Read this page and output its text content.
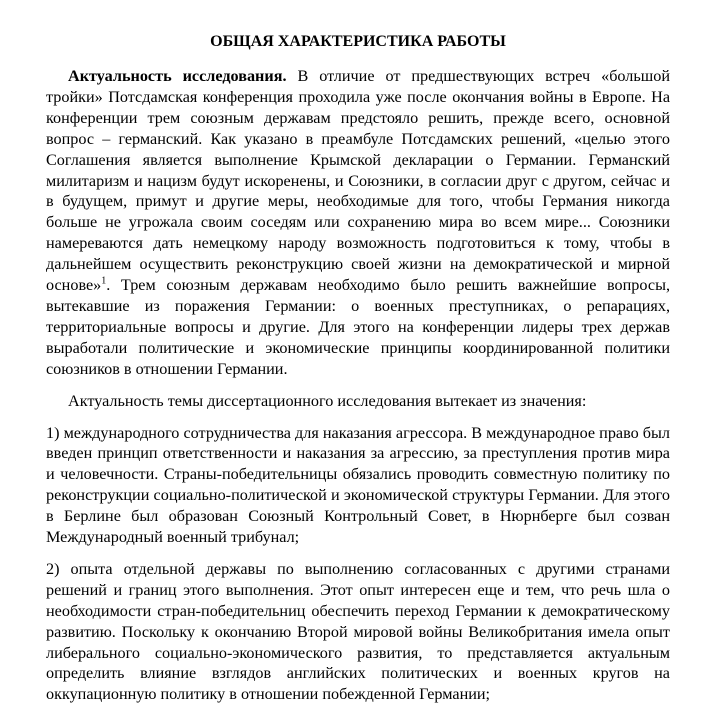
ОБЩАЯ ХАРАКТЕРИСТИКА РАБОТЫ

Актуальность исследования. В отличие от предшествующих встреч «большой тройки» Потсдамская конференция проходила уже после окончания войны в Европе. На конференции трем союзным державам предстояло решить, прежде всего, основной вопрос – германский. Как указано в преамбуле Потсдамских решений, «целью этого Соглашения является выполнение Крымской декларации о Германии. Германский милитаризм и нацизм будут искоренены, и Союзники, в согласии друг с другом, сейчас и в будущем, примут и другие меры, необходимые для того, чтобы Германия никогда больше не угрожала своим соседям или сохранению мира во всем мире... Союзники намереваются дать немецкому народу возможность подготовиться к тому, чтобы в дальнейшем осуществить реконструкцию своей жизни на демократической и мирной основе»$^1$. Трем союзным державам необходимо было решить важнейшие вопросы, вытекавшие из поражения Германии: о военных преступниках, о репарациях, территориальные вопросы и другие. Для этого на конференции лидеры трех держав выработали политические и экономические принципы координированной политики союзников в отношении Германии.

Актуальность темы диссертационного исследования вытекает из значения:

1) международного сотрудничества для наказания агрессора. В международное право был введен принцип ответственности и наказания за агрессию, за преступления против мира и человечности. Страны-победительницы обязались проводить совместную политику по реконструкции социально-политической и экономической структуры Германии. Для этого в Берлине был образован Союзный Контрольный Совет, в Нюрнберге был созван Международный военный трибунал;

2) опыта отдельной державы по выполнению согласованных с другими странами решений и границ этого выполнения. Этот опыт интересен еще и тем, что речь шла о необходимости стран-победительниц обеспечить переход Германии к демократическому развитию. Поскольку к окончанию Второй мировой войны Великобритания имела опыт либерального социально-экономического развития, то представляется актуальным определить влияние взглядов английских политических и военных кругов на оккупационную политику в отношении побежденной Германии;
